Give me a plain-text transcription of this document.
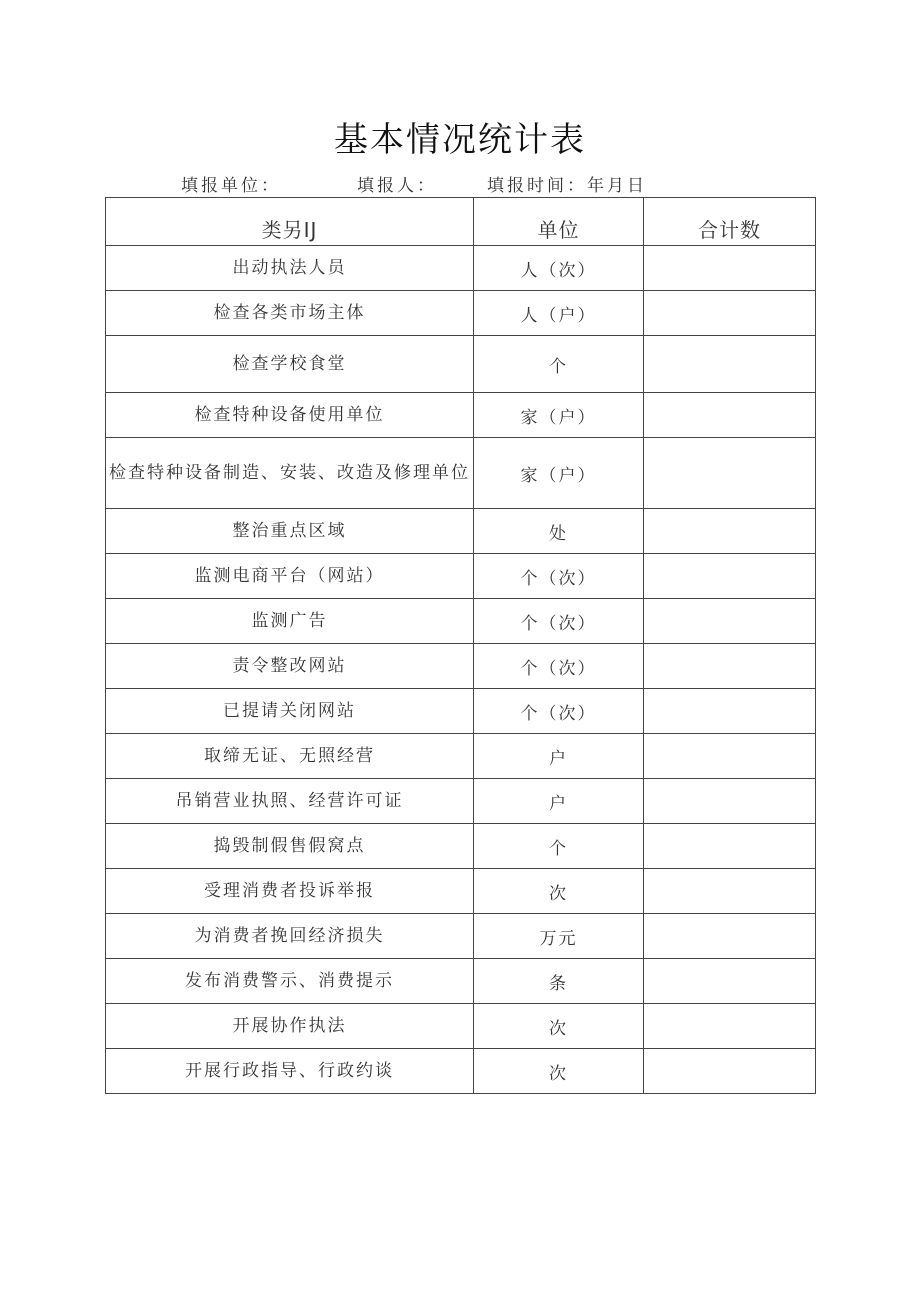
基本情况统计表
填报单位：	填报人：	填报时间：年月日
类另IJ	单位	合计数
出动执法人员	人（次）	
检查各类市场主体	人（户）	
检查学校食堂	个	
检查特种设备使用单位	家（户）	
检查特种设备制造、安装、改造及修理单位	家（户）	
整治重点区域	处	
监测电商平台（网站）	个（次）	
监测广告	个（次）	
责令整改网站	个（次）	
已提请关闭网站	个（次）	
取缔无证、无照经营	户	
吊销营业执照、经营许可证	户	
捣毁制假售假窝点	个	
受理消费者投诉举报	次	
为消费者挽回经济损失	万元	
发布消费警示、消费提示	条	
开展协作执法	次	
开展行政指导、行政约谈	次	
